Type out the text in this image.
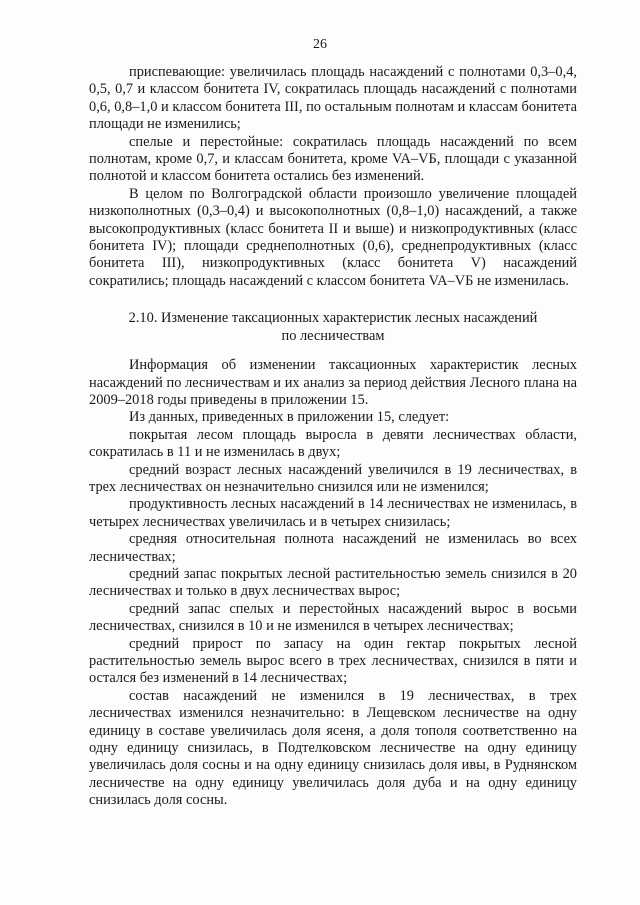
26

приспевающие: увеличилась площадь насаждений с полнотами 0,3–0,4, 0,5, 0,7 и классом бонитета IV, сократилась площадь насаждений с полнотами 0,6, 0,8–1,0 и классом бонитета III, по остальным полнотам и классам бонитета площади не изменились;

спелые и перестойные: сократилась площадь насаждений по всем полнотам, кроме 0,7, и классам бонитета, кроме VA–VБ, площади с указанной полнотой и классом бонитета остались без изменений.

В целом по Волгоградской области произошло увеличение площадей низкополнотных (0,3–0,4) и высокополнотных (0,8–1,0) насаждений, а также высокопродуктивных (класс бонитета II и выше) и низкопродуктивных (класс бонитета IV); площади среднеполнотных (0,6), среднепродуктивных (класс бонитета III), низкопродуктивных (класс бонитета V) насаждений сократились; площадь насаждений с классом бонитета VA–VБ не изменилась.

2.10. Изменение таксационных характеристик лесных насаждений
по лесничествам

Информация об изменении таксационных характеристик лесных насаждений по лесничествам и их анализ за период действия Лесного плана на 2009–2018 годы приведены в приложении 15.

Из данных, приведенных в приложении 15, следует:

покрытая лесом площадь выросла в девяти лесничествах области, сократилась в 11 и не изменилась в двух;

средний возраст лесных насаждений увеличился в 19 лесничествах, в трех лесничествах он незначительно снизился или не изменился;

продуктивность лесных насаждений в 14 лесничествах не изменилась, в четырех лесничествах увеличилась и в четырех снизилась;

средняя относительная полнота насаждений не изменилась во всех лесничествах;

средний запас покрытых лесной растительностью земель снизился в 20 лесничествах и только в двух лесничествах вырос;

средний запас спелых и перестойных насаждений вырос в восьми лесничествах, снизился в 10 и не изменился в четырех лесничествах;

средний прирост по запасу на один гектар покрытых лесной растительностью земель вырос всего в трех лесничествах, снизился в пяти и остался без изменений в 14 лесничествах;

состав насаждений не изменился в 19 лесничествах, в трех лесничествах изменился незначительно: в Лещевском лесничестве на одну единицу в составе увеличилась доля ясеня, а доля тополя соответственно на одну единицу снизилась, в Подтелковском лесничестве на одну единицу увеличилась доля сосны и на одну единицу снизилась доля ивы, в Руднянском лесничестве на одну единицу увеличилась доля дуба и на одну единицу снизилась доля сосны.
